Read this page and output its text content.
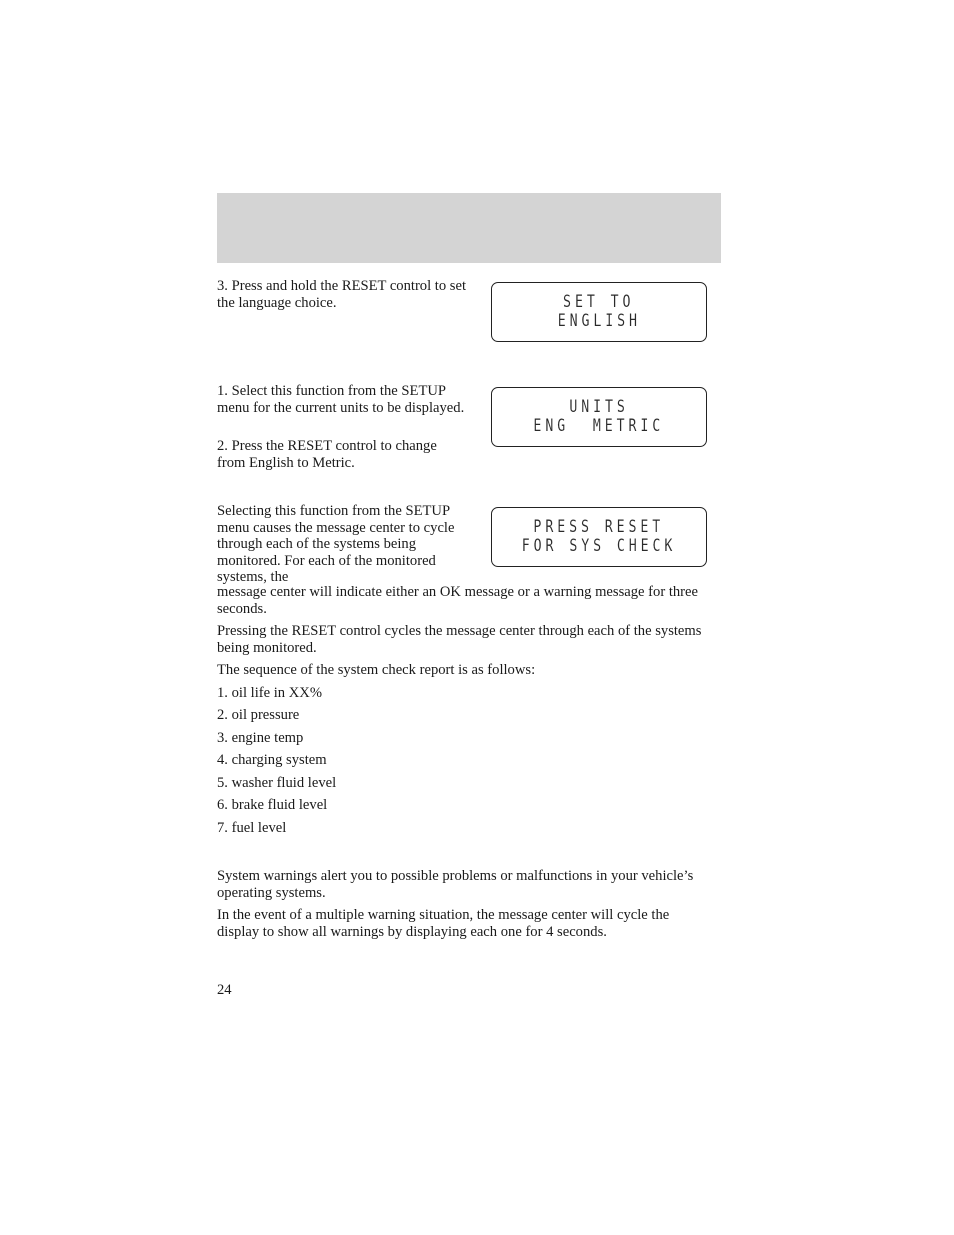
3. Press and hold the RESET control to set the language choice.	SET TO
ENGLISH

1. Select this function from the SETUP menu for the current units to be displayed.

2. Press the RESET control to change from English to Metric.

UNITS
ENG  METRIC

Selecting this function from the SETUP menu causes the message center to cycle through each of the systems being monitored. For each of the monitored systems, the

PRESS RESET
FOR SYS CHECK

message center will indicate either an OK message or a warning message for three seconds.

Pressing the RESET control cycles the message center through each of the systems being monitored.

The sequence of the system check report is as follows:

1. oil life in XX%
2. oil pressure
3. engine temp
4. charging system
5. washer fluid level
6. brake fluid level
7. fuel level

System warnings alert you to possible problems or malfunctions in your vehicle’s operating systems.

In the event of a multiple warning situation, the message center will cycle the display to show all warnings by displaying each one for 4 seconds.

24
